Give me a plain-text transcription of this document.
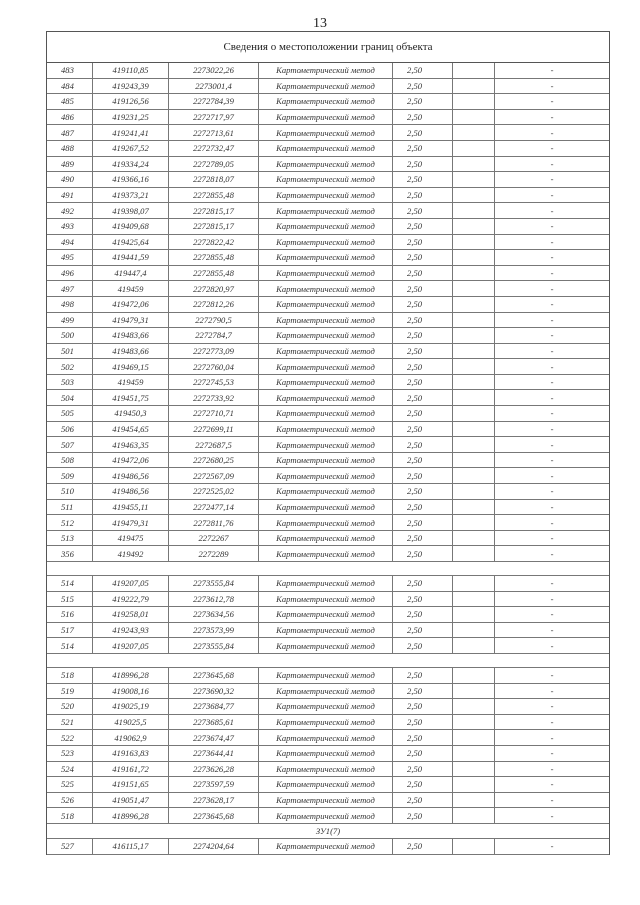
13
Сведения о местоположении границ объекта
483	419110,85	2273022,26	Картометрический метод	2,50	-
484	419243,39	2273001,4	Картометрический метод	2,50	-
485	419126,56	2272784,39	Картометрический метод	2,50	-
486	419231,25	2272717,97	Картометрический метод	2,50	-
487	419241,41	2272713,61	Картометрический метод	2,50	-
488	419267,52	2272732,47	Картометрический метод	2,50	-
489	419334,24	2272789,05	Картометрический метод	2,50	-
490	419366,16	2272818,07	Картометрический метод	2,50	-
491	419373,21	2272855,48	Картометрический метод	2,50	-
492	419398,07	2272815,17	Картометрический метод	2,50	-
493	419409,68	2272815,17	Картометрический метод	2,50	-
494	419425,64	2272822,42	Картометрический метод	2,50	-
495	419441,59	2272855,48	Картометрический метод	2,50	-
496	419447,4	2272855,48	Картометрический метод	2,50	-
497	419459	2272820,97	Картометрический метод	2,50	-
498	419472,06	2272812,26	Картометрический метод	2,50	-
499	419479,31	2272790,5	Картометрический метод	2,50	-
500	419483,66	2272784,7	Картометрический метод	2,50	-
501	419483,66	2272773,09	Картометрический метод	2,50	-
502	419469,15	2272760,04	Картометрический метод	2,50	-
503	419459	2272745,53	Картометрический метод	2,50	-
504	419451,75	2272733,92	Картометрический метод	2,50	-
505	419450,3	2272710,71	Картометрический метод	2,50	-
506	419454,65	2272699,11	Картометрический метод	2,50	-
507	419463,35	2272687,5	Картометрический метод	2,50	-
508	419472,06	2272680,25	Картометрический метод	2,50	-
509	419486,56	2272567,09	Картометрический метод	2,50	-
510	419486,56	2272525,02	Картометрический метод	2,50	-
511	419455,11	2272477,14	Картометрический метод	2,50	-
512	419479,31	2272811,76	Картометрический метод	2,50	-
513	419475	2272267	Картометрический метод	2,50	-
356	419492	2272289	Картометрический метод	2,50	-
514	419207,05	2273555,84	Картометрический метод	2,50	-
515	419222,79	2273612,78	Картометрический метод	2,50	-
516	419258,01	2273634,56	Картометрический метод	2,50	-
517	419243,93	2273573,99	Картометрический метод	2,50	-
514	419207,05	2273555,84	Картометрический метод	2,50	-
518	418996,28	2273645,68	Картометрический метод	2,50	-
519	419008,16	2273690,32	Картометрический метод	2,50	-
520	419025,19	2273684,77	Картометрический метод	2,50	-
521	419025,5	2273685,61	Картометрический метод	2,50	-
522	419062,9	2273674,47	Картометрический метод	2,50	-
523	419163,83	2273644,41	Картометрический метод	2,50	-
524	419161,72	2273626,28	Картометрический метод	2,50	-
525	419151,65	2273597,59	Картометрический метод	2,50	-
526	419051,47	2273628,17	Картометрический метод	2,50	-
518	418996,28	2273645,68	Картометрический метод	2,50	-
ЗУ1(7)
527	416115,17	2274204,64	Картометрический метод	2,50	-
